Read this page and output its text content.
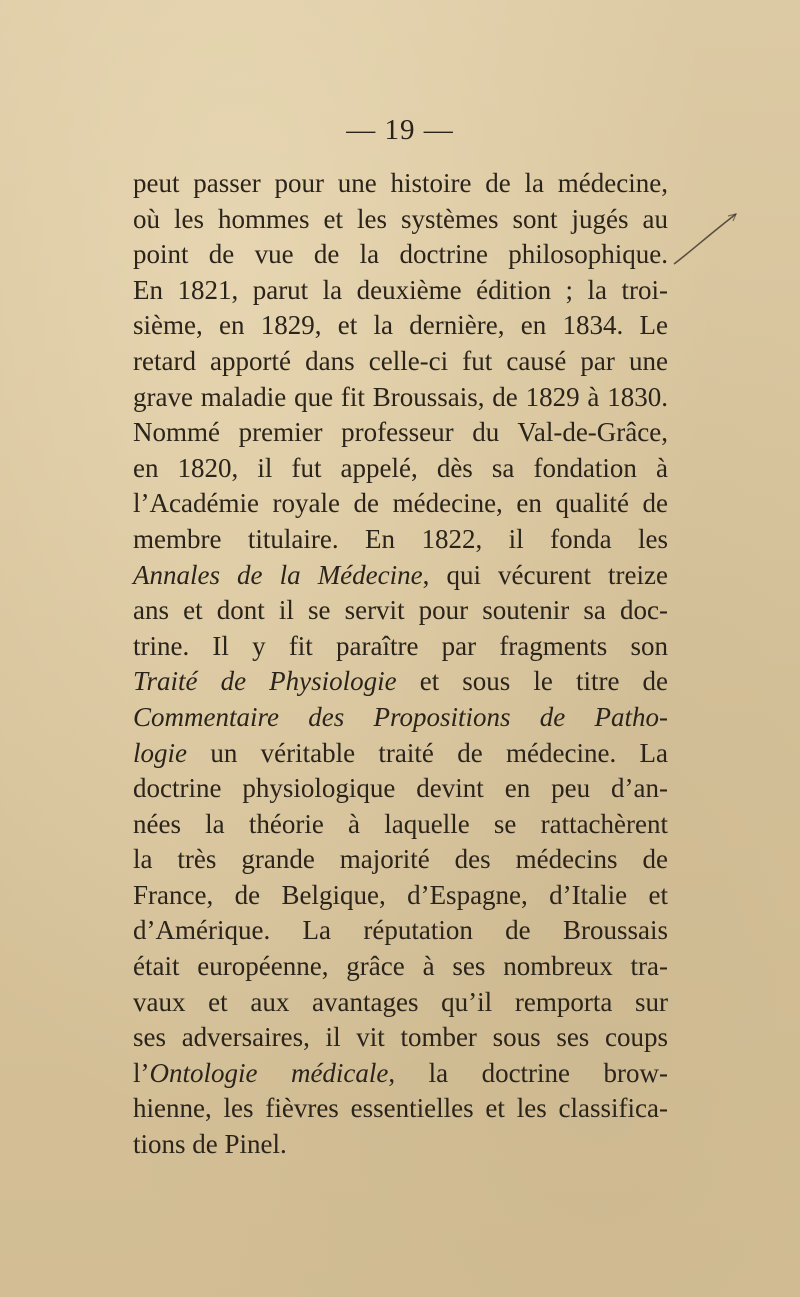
— 19 —
peut passer pour une histoire de la médecine,
où les hommes et les systèmes sont jugés au
point de vue de la doctrine philosophique.
En 1821, parut la deuxième édition ; la troi-
sième, en 1829, et la dernière, en 1834. Le
retard apporté dans celle-ci fut causé par une
grave maladie que fit Broussais, de 1829 à 1830.
Nommé premier professeur du Val-de-Grâce,
en 1820, il fut appelé, dès sa fondation à
l’Académie royale de médecine, en qualité de
membre titulaire. En 1822, il fonda les
Annales de la Médecine, qui vécurent treize
ans et dont il se servit pour soutenir sa doc-
trine. Il y fit paraître par fragments son
Traité de Physiologie et sous le titre de
Commentaire des Propositions de Patho-
logie un véritable traité de médecine. La
doctrine physiologique devint en peu d’an-
nées la théorie à laquelle se rattachèrent
la très grande majorité des médecins de
France, de Belgique, d’Espagne, d’Italie et
d’Amérique. La réputation de Broussais
était européenne, grâce à ses nombreux tra-
vaux et aux avantages qu’il remporta sur
ses adversaires, il vit tomber sous ses coups
l’Ontologie médicale, la doctrine brow-
hienne, les fièvres essentielles et les classifica-
tions de Pinel.
